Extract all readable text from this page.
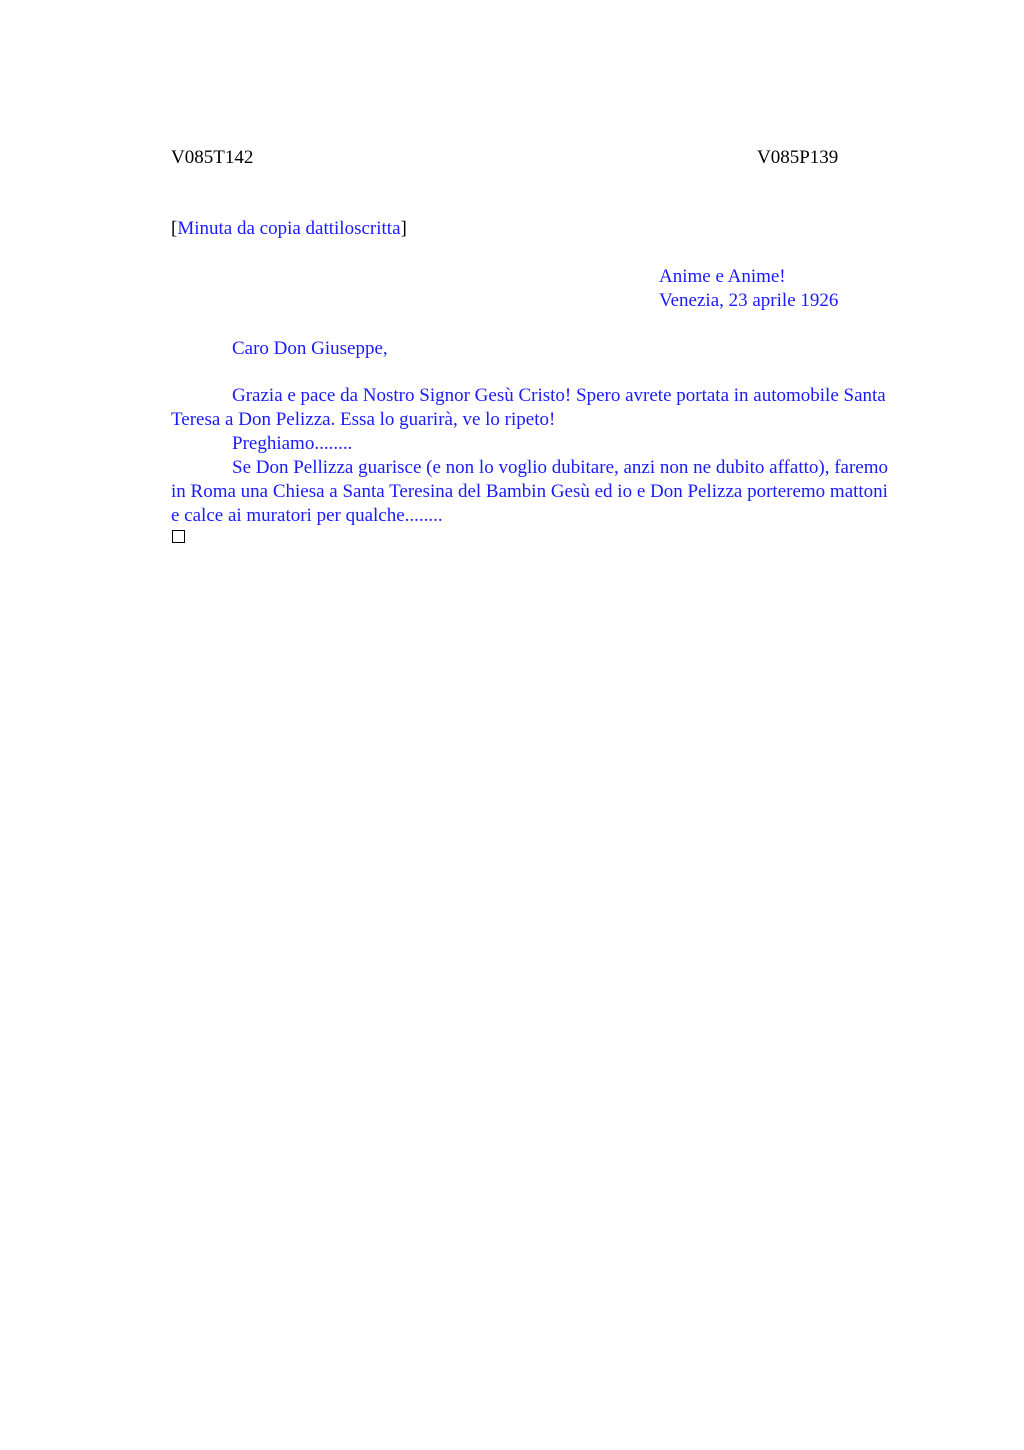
V085T142	V085P139
[Minuta da copia dattiloscritta]
Anime e Anime!
Venezia, 23 aprile 1926
Caro Don Giuseppe,

Grazia e pace da Nostro Signor Gesù Cristo! Spero avrete portata in automobile Santa Teresa a Don Pelizza. Essa lo guarirà, ve lo ripeto!

Preghiamo........

Se Don Pellizza guarisce (e non lo voglio dubitare, anzi non ne dubito affatto), faremo in Roma una Chiesa a Santa Teresina del Bambin Gesù ed io e Don Pelizza porteremo mattoni e calce ai muratori per qualche........
